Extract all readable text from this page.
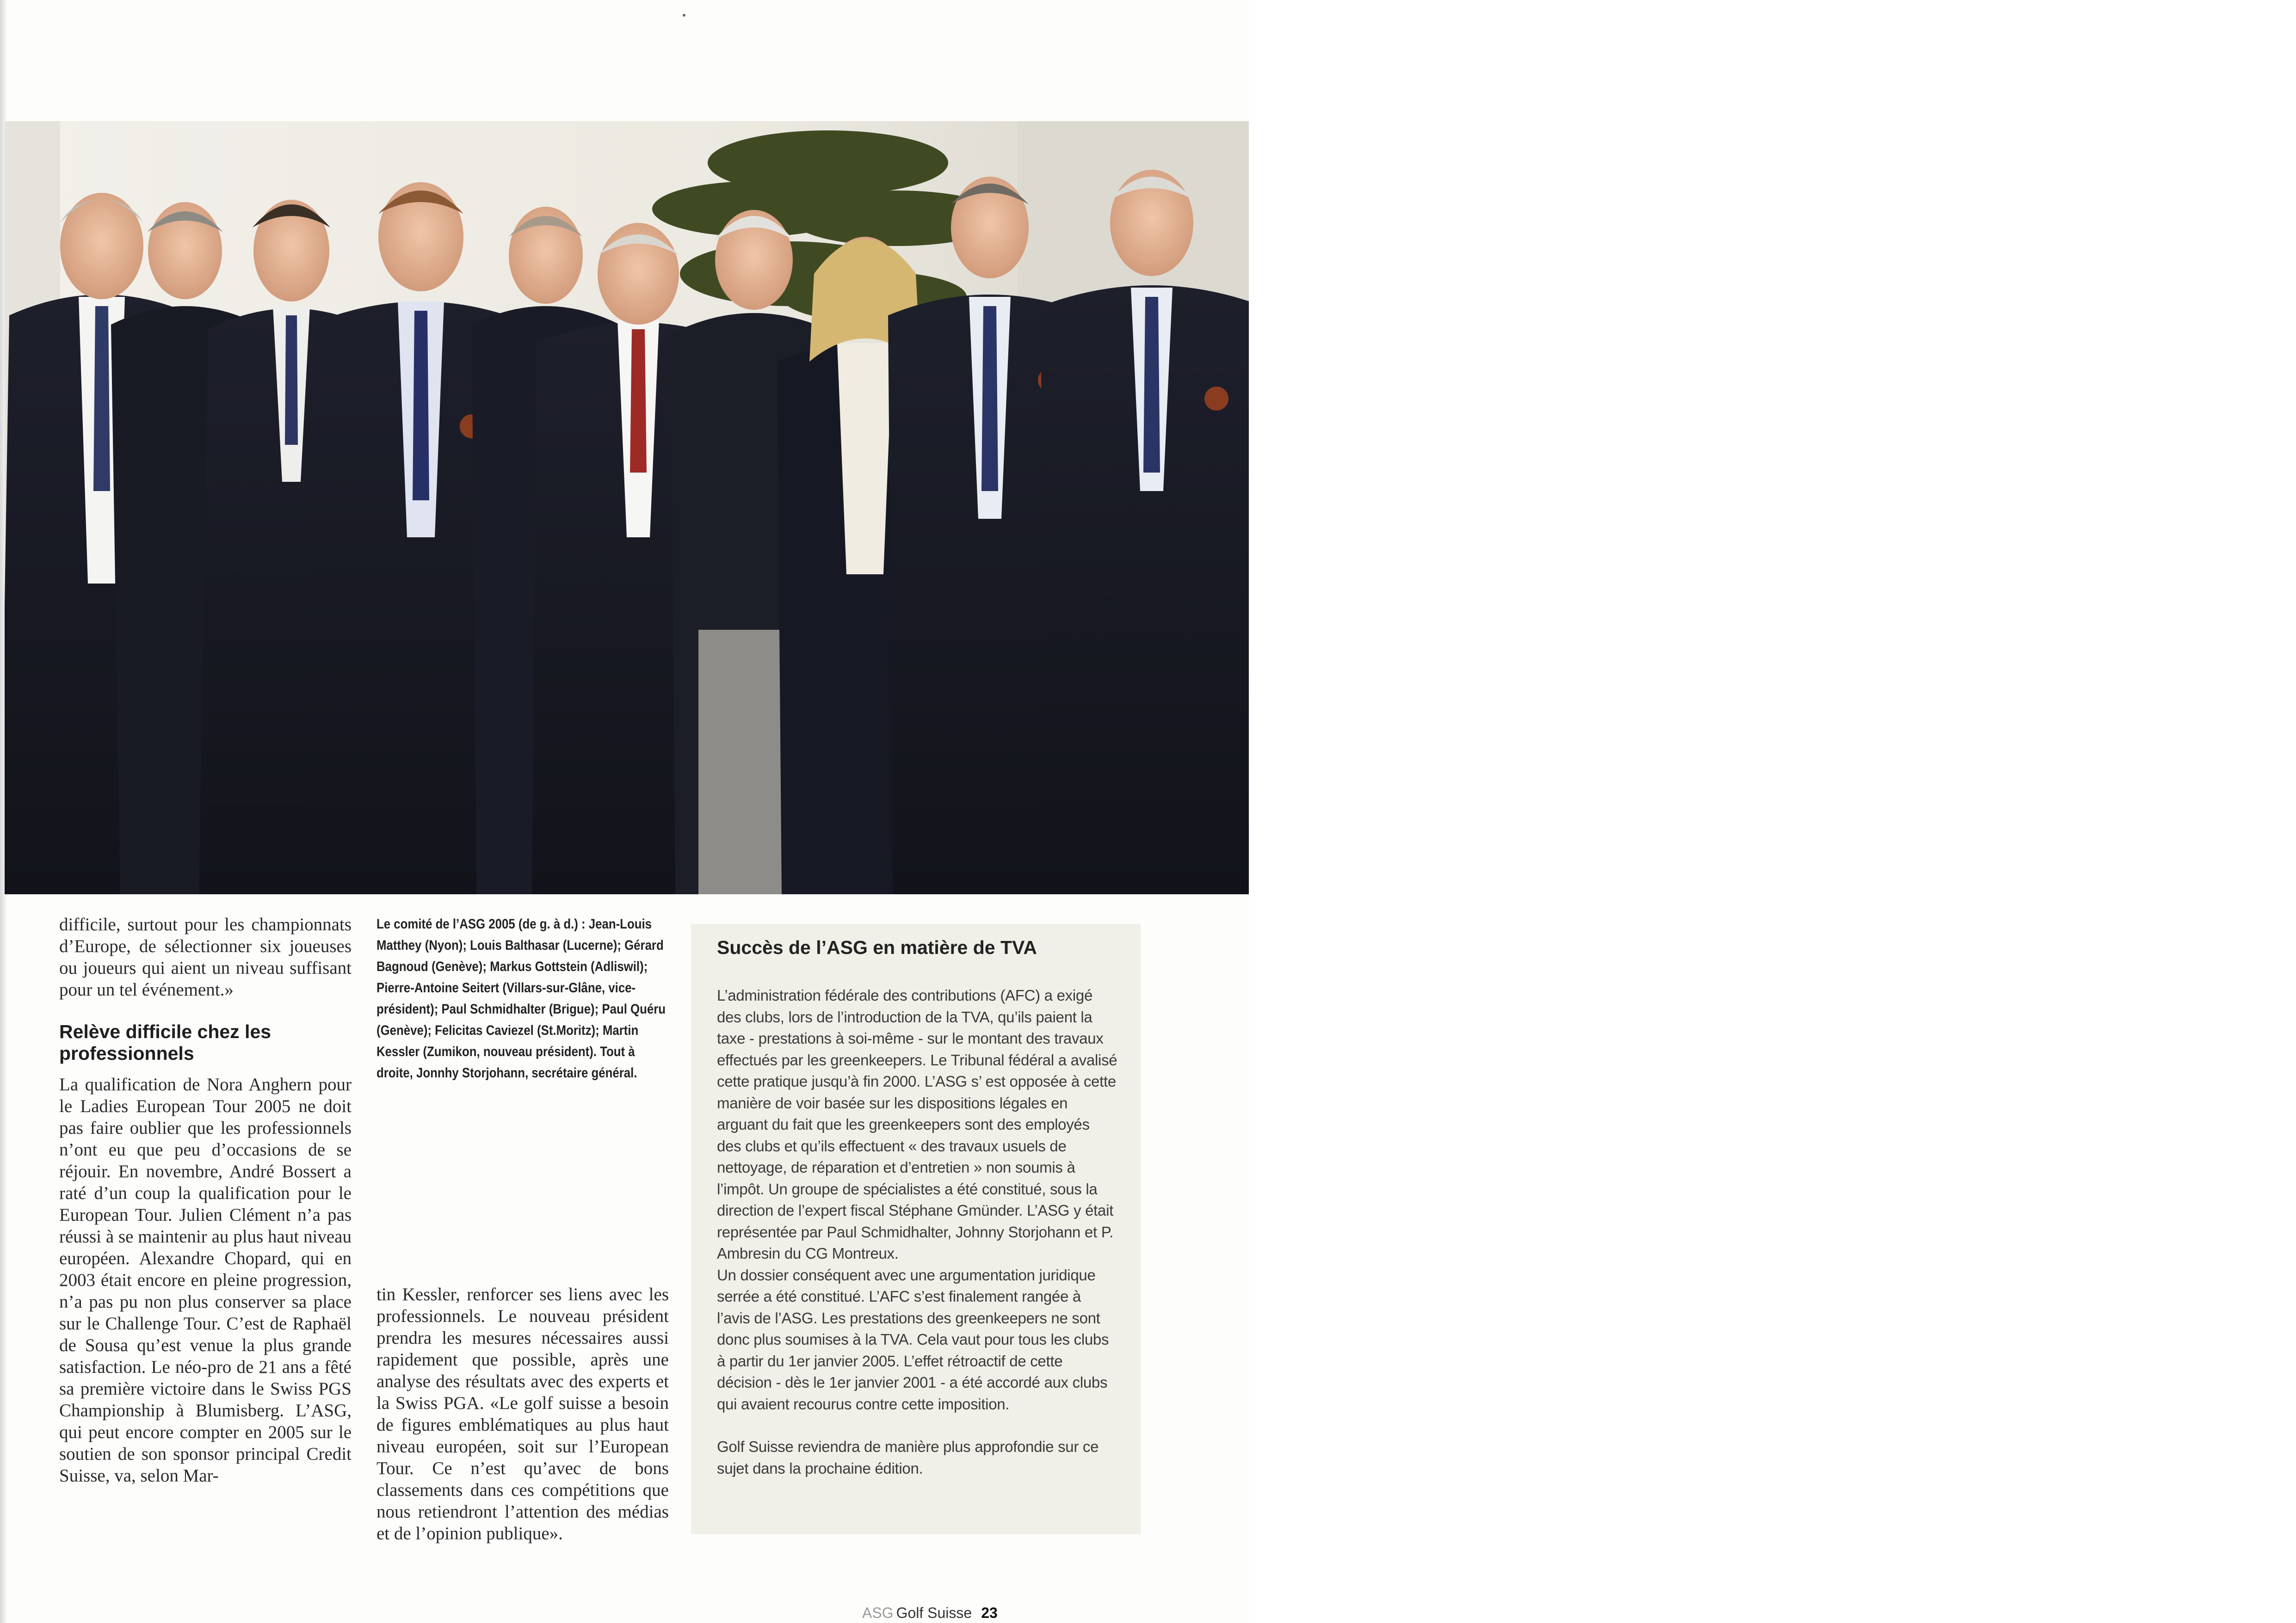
difficile, surtout pour les championnats d’Europe, de sélectionner six joueuses ou joueurs qui aient un niveau suffisant pour un tel événement.»

Relève difficile chez les professionnels

La qualification de Nora Anghern pour le Ladies European Tour 2005 ne doit pas faire oublier que les professionnels n’ont eu que peu d’occasions de se réjouir. En novembre, André Bossert a raté d’un coup la qualification pour le European Tour. Julien Clément n’a pas réussi à se maintenir au plus haut niveau européen. Alexandre Chopard, qui en 2003 était encore en pleine progression, n’a pas pu non plus conserver sa place sur le Challenge Tour. C’est de Raphaël de Sousa qu’est venue la plus grande satisfaction. Le néo-pro de 21 ans a fêté sa première victoire dans le Swiss PGS Championship à Blumisberg. L’ASG, qui peut encore compter en 2005 sur le soutien de son sponsor principal Credit Suisse, va, selon Mar-

Le comité de l’ASG 2005 (de g. à d.) : Jean-Louis Matthey (Nyon); Louis Balthasar (Lucerne); Gérard Bagnoud (Genève); Markus Gottstein (Adliswil); Pierre-Antoine Seitert (Villars-sur-Glâne, vice-président); Paul Schmidhalter (Brigue); Paul Quéru (Genève); Felicitas Caviezel (St.Moritz); Martin Kessler (Zumikon, nouveau président). Tout à droite, Jonnhy Storjohann, secrétaire général.

tin Kessler, renforcer ses liens avec les professionnels. Le nouveau président prendra les mesures nécessaires aussi rapidement que possible, après une analyse des résultats avec des experts et la Swiss PGA. «Le golf suisse a besoin de figures emblématiques au plus haut niveau européen, soit sur l’European Tour. Ce n’est qu’avec de bons classements dans ces compétitions que nous retiendront l’attention des médias et de l’opinion publique».

Succès de l’ASG en matière de TVA

L’administration fédérale des contributions (AFC) a exigé des clubs, lors de l’introduction de la TVA, qu’ils paient la taxe - prestations à soi-même - sur le montant des travaux effectués par les greenkeepers. Le Tribunal fédéral a avalisé cette pratique jusqu’à fin 2000. L’ASG s’ est opposée à cette manière de voir basée sur les dispositions légales en arguant du fait que les greenkeepers sont des employés des clubs et qu’ils effectuent « des travaux usuels de nettoyage, de réparation et d’entretien » non soumis à l’impôt. Un groupe de spécialistes a été constitué, sous la direction de l’expert fiscal Stéphane Gmünder. L’ASG y était représentée par Paul Schmidhalter, Johnny Storjohann et P. Ambresin du CG Montreux.

Un dossier conséquent avec une argumentation juridique serrée a été constitué. L’AFC s’est finalement rangée à l’avis de l’ASG. Les prestations des greenkeepers ne sont donc plus soumises à la TVA. Cela vaut pour tous les clubs à partir du 1er janvier 2005. L’effet rétroactif de cette décision - dès le 1er janvier 2001 - a été accordé aux clubs qui avaient recourus contre cette imposition.

Golf Suisse reviendra de manière plus approfondie sur ce sujet dans la prochaine édition.

ASG Golf Suisse 23
